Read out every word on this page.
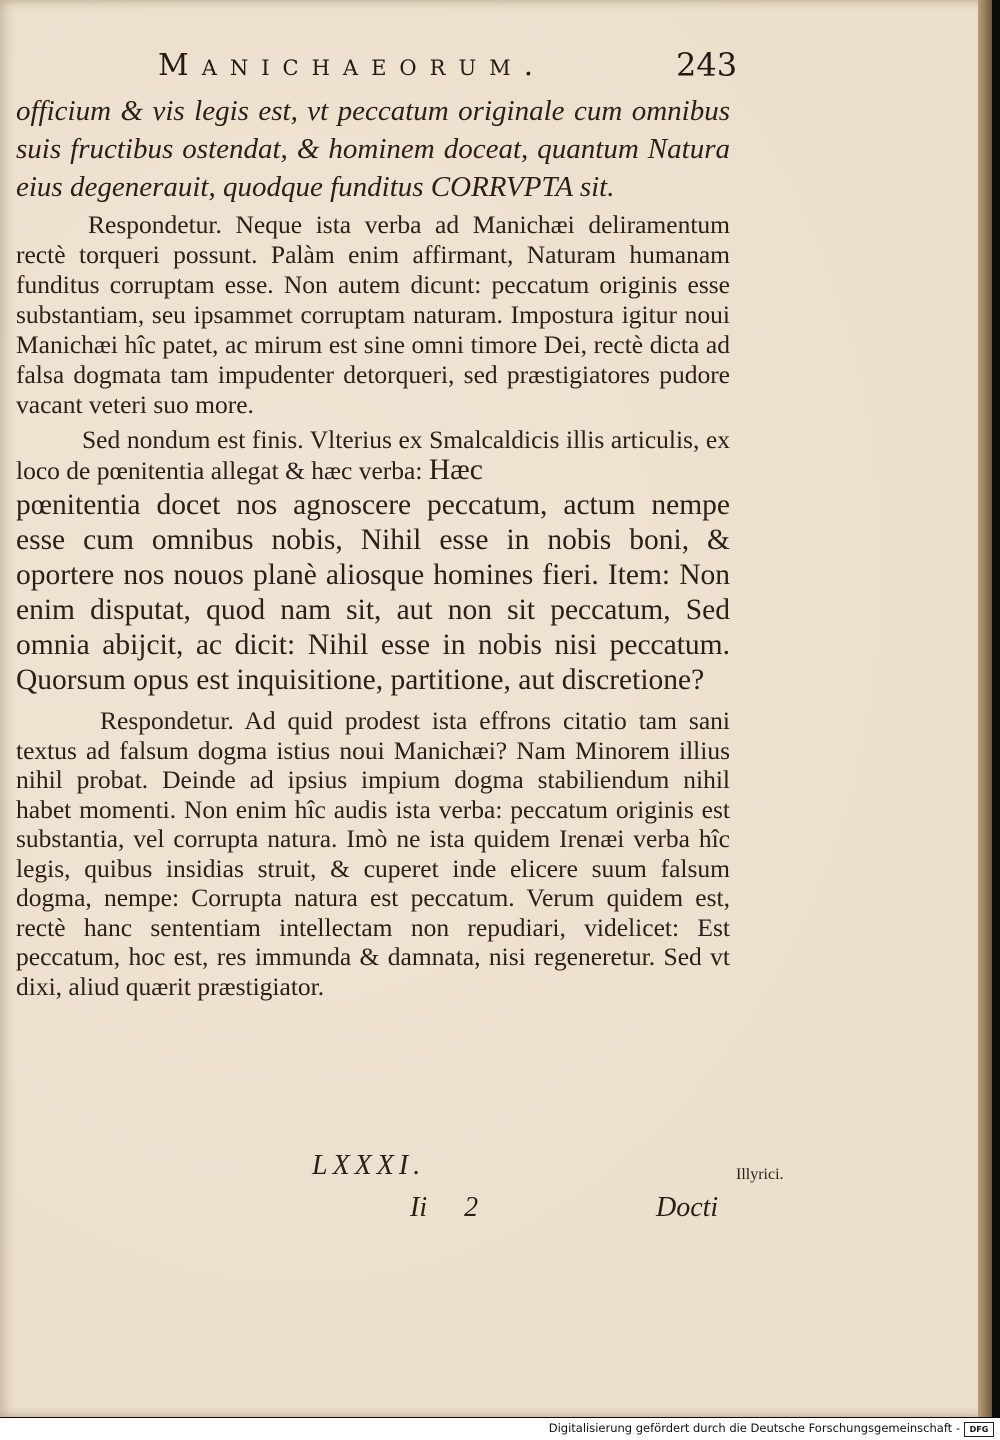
Manichaeorum.	243

officium & vis legis est, vt peccatum originale cum omnibus suis fructibus ostendat, & hominem doceat, quantum Natura eius degenerauit, quodque funditus CORRVPTA sit.

Respondetur. Neque ista verba ad Manichæi deliramentum rectè torqueri possunt. Palàm enim affirmant, Naturam humanam funditus corruptam esse. Non autem dicunt: peccatum originis esse substantiam, seu ipsammet corruptam naturam. Impostura igitur noui Manichæi hîc patet, ac mirum est sine omni timore Dei, rectè dicta ad falsa dogmata tam impudenter detorqueri, sed præstigiatores pudore vacant veteri suo more.

Sed nondum est finis. Vlterius ex Smalcaldicis illis articulis, ex loco de pœnitentia allegat & hæc verba: Hæc

pœnitentia docet nos agnoscere peccatum, actum nempe esse cum omnibus nobis, Nihil esse in nobis boni, & oportere nos nouos planè aliosque homines fieri. Item: Non enim disputat, quod nam sit, aut non sit peccatum, Sed omnia abijcit, ac dicit: Nihil esse in nobis nisi peccatum. Quorsum opus est inquisitione, partitione, aut discretione?

Respondetur. Ad quid prodest ista effrons citatio tam sani textus ad falsum dogma istius noui Manichæi? Nam Minorem illius nihil probat. Deinde ad ipsius impium dogma stabiliendum nihil habet momenti. Non enim hîc audis ista verba: peccatum originis est substantia, vel corrupta natura. Imò ne ista quidem Irenæi verba hîc legis, quibus insidias struit, & cuperet inde elicere suum falsum dogma, nempe: Corrupta natura est peccatum. Verum quidem est, rectè hanc sententiam intellectam non repudiari, videlicet: Est peccatum, hoc est, res immunda & damnata, nisi regeneretur. Sed vt dixi, aliud quærit præstigiator.

LXXXI.	Illyrici.
Ii 2	Docti
Digitalisierung gefördert durch die Deutsche Forschungsgemeinschaft -	DFG
